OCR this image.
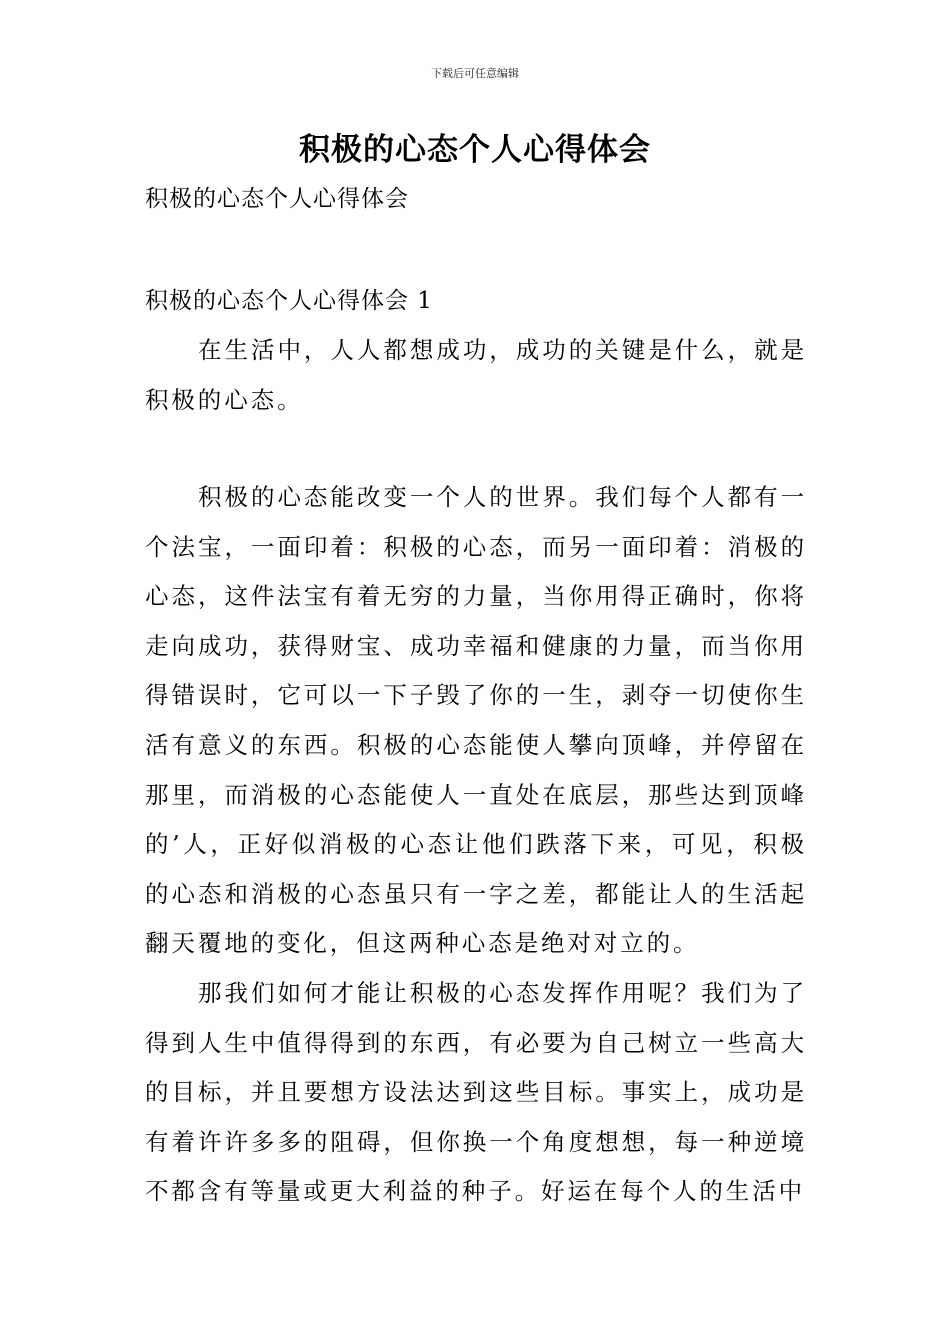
下载后可任意编辑
积极的心态个人心得体会
积极的心态个人心得体会
积极的心态个人心得体会 1

在生活中，人人都想成功，成功的关键是什么，就是积极的心态。

积极的心态能改变一个人的世界。我们每个人都有一个法宝，一面印着：积极的心态，而另一面印着：消极的心态，这件法宝有着无穷的力量，当你用得正确时，你将走向成功，获得财宝、成功幸福和健康的力量，而当你用得错误时，它可以一下子毁了你的一生，剥夺一切使你生活有意义的东西。积极的心态能使人攀向顶峰，并停留在那里，而消极的心态能使人一直处在底层，那些达到顶峰的’人，正好似消极的心态让他们跌落下来，可见，积极的心态和消极的心态虽只有一字之差，都能让人的生活起翻天覆地的变化，但这两种心态是绝对对立的。

那我们如何才能让积极的心态发挥作用呢？我们为了得到人生中值得得到的东西，有必要为自己树立一些高大的目标，并且要想方设法达到这些目标。事实上，成功是有着许许多多的阻碍，但你换一个角度想想，每一种逆境不都含有等量或更大利益的种子。好运在每个人的生活中
